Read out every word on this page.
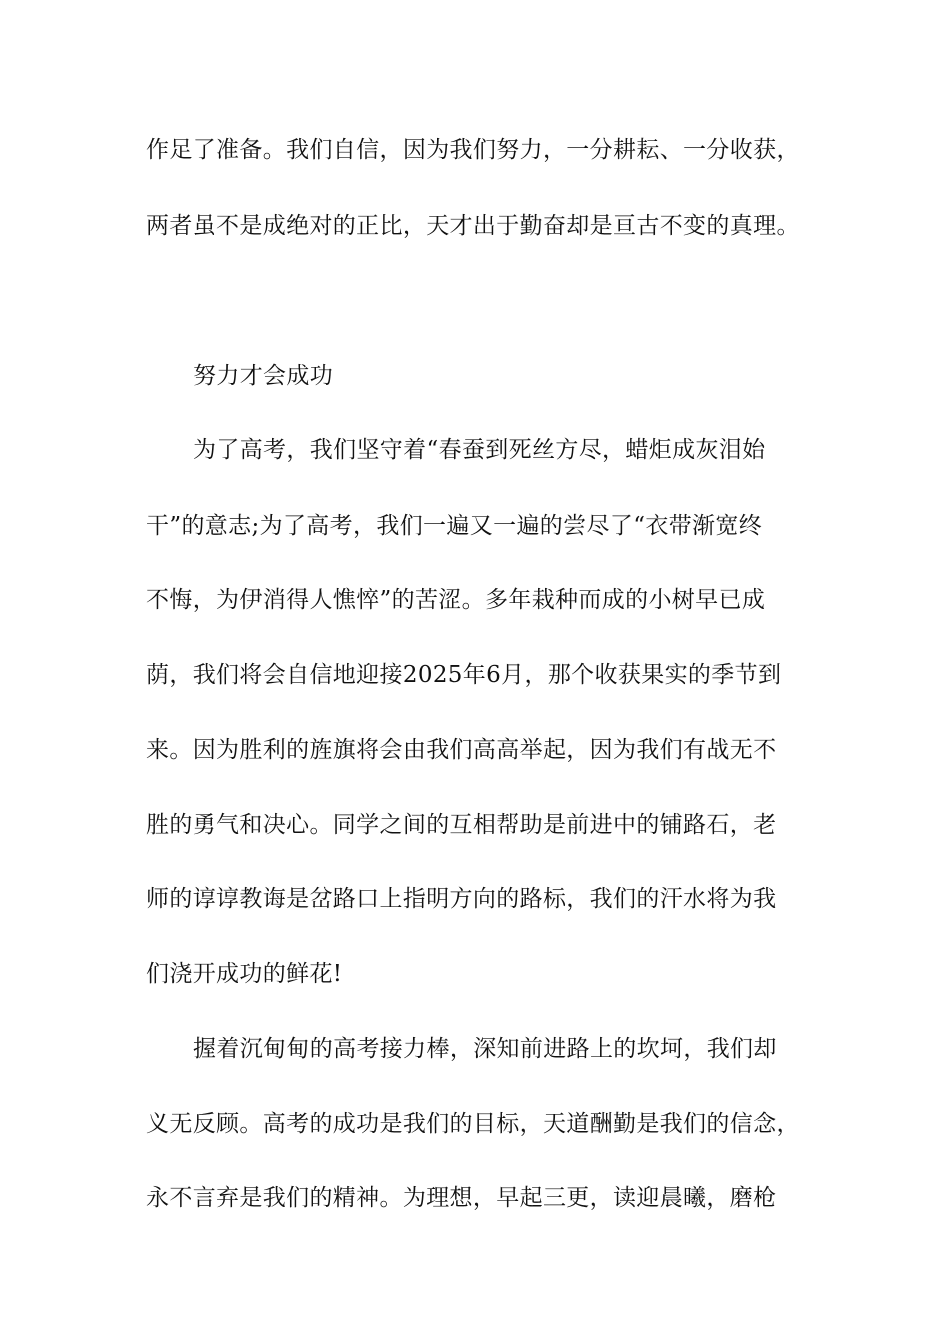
作足了准备。我们自信，因为我们努力，一分耕耘、一分收获，
两者虽不是成绝对的正比，天才出于勤奋却是亘古不变的真理。
努力才会成功
为了高考，我们坚守着“春蚕到死丝方尽，蜡炬成灰泪始
干”的意志;为了高考，我们一遍又一遍的尝尽了“衣带渐宽终
不悔，为伊消得人憔悴”的苦涩。多年栽种而成的小树早已成
荫，我们将会自信地迎接2025年6月，那个收获果实的季节到
来。因为胜利的旌旗将会由我们高高举起，因为我们有战无不
胜的勇气和决心。同学之间的互相帮助是前进中的铺路石，老
师的谆谆教诲是岔路口上指明方向的路标，我们的汗水将为我
们浇开成功的鲜花!
握着沉甸甸的高考接力棒，深知前进路上的坎坷，我们却
义无反顾。高考的成功是我们的目标，天道酬勤是我们的信念，
永不言弃是我们的精神。为理想，早起三更，读迎晨曦，磨枪
